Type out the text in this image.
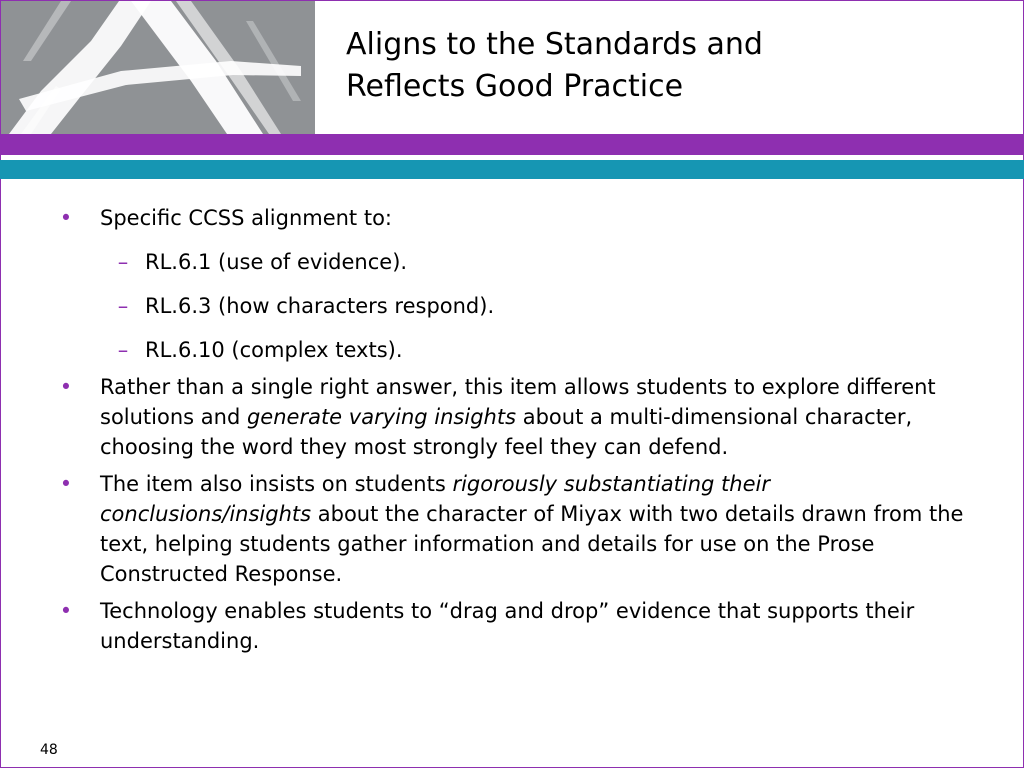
Aligns to the Standards and
Reflects Good Practice
• Specific CCSS alignment to:
– RL.6.1 (use of evidence).
– RL.6.3 (how characters respond).
– RL.6.10 (complex texts).
• Rather than a single right answer, this item allows students to explore different solutions and generate varying insights about a multi-dimensional character, choosing the word they most strongly feel they can defend.
• The item also insists on students rigorously substantiating their conclusions/insights about the character of Miyax with two details drawn from the text, helping students gather information and details for use on the Prose Constructed Response.
• Technology enables students to “drag and drop” evidence that supports their understanding.
48
